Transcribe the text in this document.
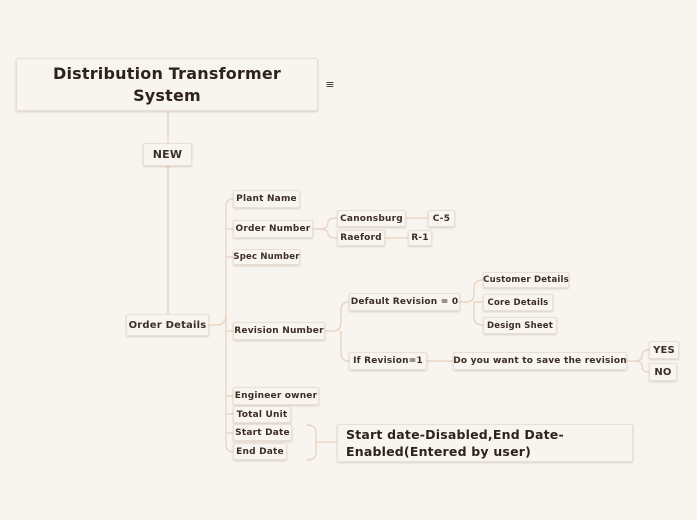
Distribution Transformer System
≡
NEW
Order Details
Plant Name
Order Number
Canonsburg	C-5
Raeford	R-1
Spec Number
Revision Number
Default Revision = 0
Customer Details
Core Details
Design Sheet
If Revision=1	Do you want to save the revision
YES
NO
Engineer owner
Total Unit
Start Date
End Date
Start date-Disabled,End Date-Enabled(Entered by user)
